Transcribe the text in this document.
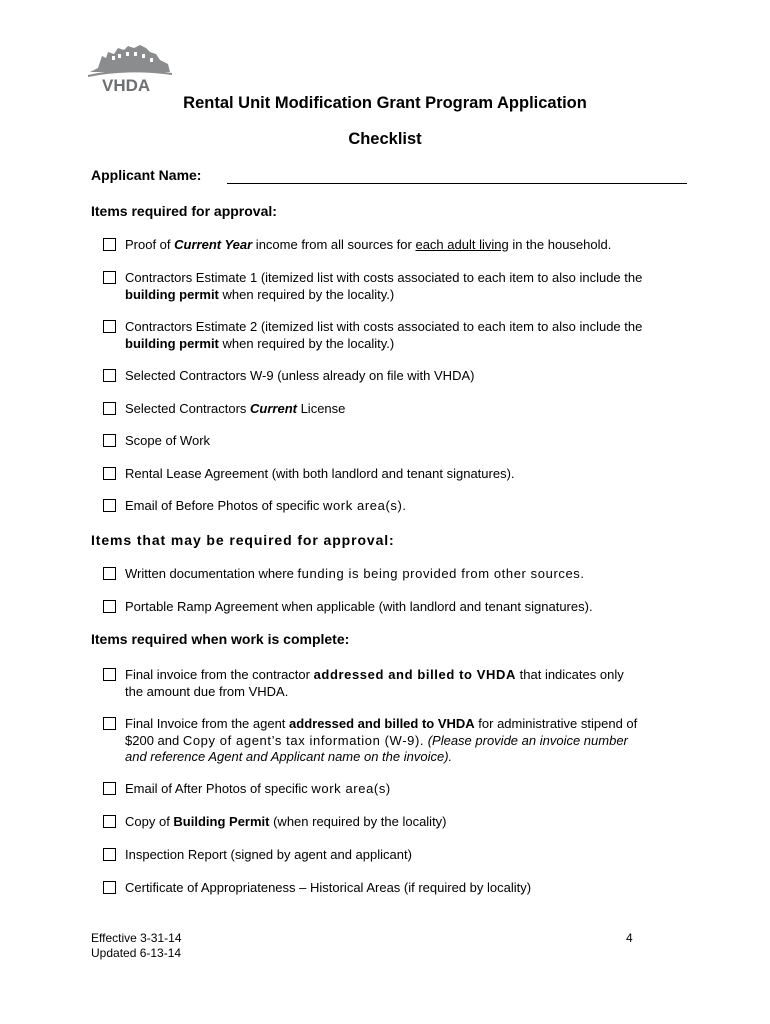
VHDA
Rental Unit Modification Grant Program Application
Checklist
Applicant Name:
Items required for approval:
Proof of Current Year income from all sources for each adult living in the household.
Contractors Estimate 1 (itemized list with costs associated to each item to also include the
building permit when required by the locality.)
Contractors Estimate 2 (itemized list with costs associated to each item to also include the
building permit when required by the locality.)
Selected Contractors W-9 (unless already on file with VHDA)
Selected Contractors Current License
Scope of Work
Rental Lease Agreement (with both landlord and tenant signatures).
Email of Before Photos of specific work area(s).
Items that may be required for approval:
Written documentation where funding is being provided from other sources.
Portable Ramp Agreement when applicable (with landlord and tenant signatures).
Items required when work is complete:
Final invoice from the contractor addressed and billed to VHDA that indicates only
the amount due from VHDA.
Final Invoice from the agent addressed and billed to VHDA for administrative stipend of
$200 and Copy of agent’s tax information (W-9). (Please provide an invoice number
and reference Agent and Applicant name on the invoice).
Email of After Photos of specific work area(s)
Copy of Building Permit (when required by the locality)
Inspection Report (signed by agent and applicant)
Certificate of Appropriateness – Historical Areas (if required by locality)
Effective 3-31-14
Updated 6-13-14
4
